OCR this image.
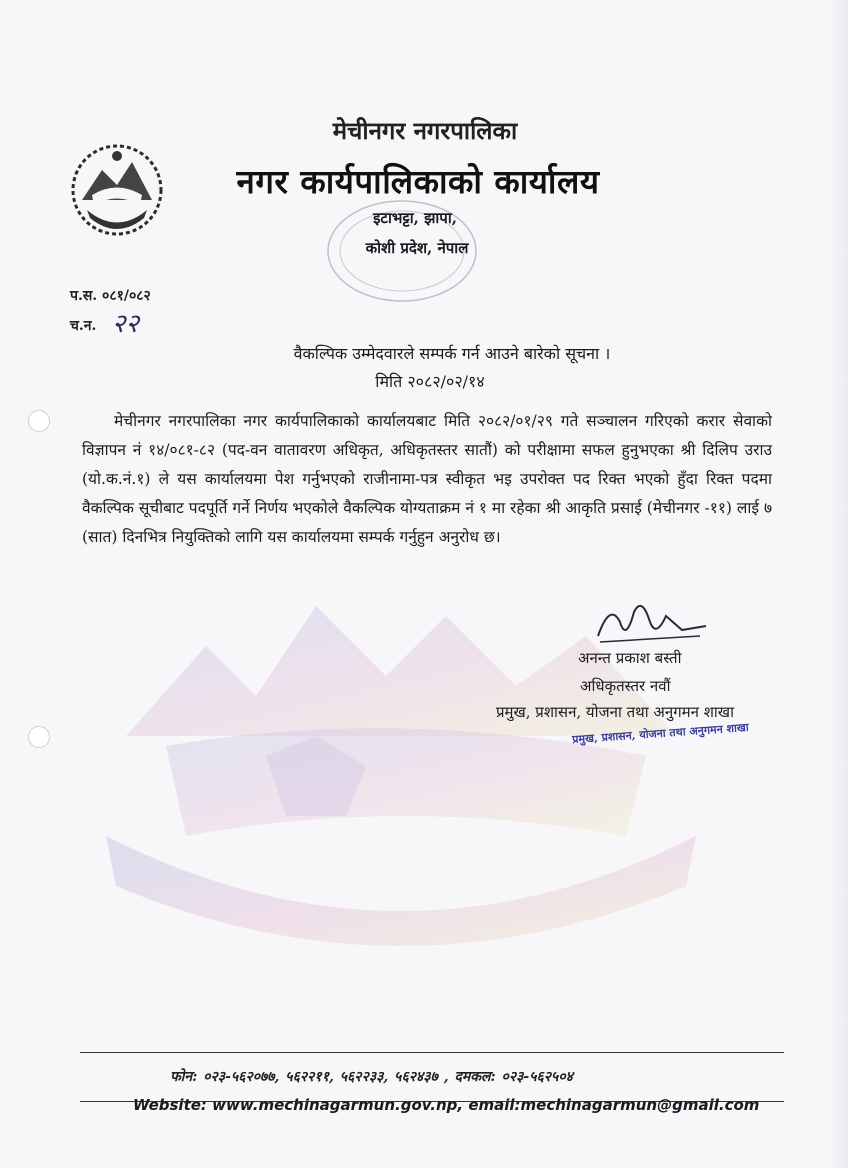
मेचीनगर नगरपालिका
नगर कार्यपालिकाको कार्यालय
इटाभट्टा, झापा,
कोशी प्रदेश, नेपाल
प.स. ०८१/०८२
च.न. २२
वैकल्पिक उम्मेदवारले सम्पर्क गर्न आउने बारेको सूचना ।
मिति २०८२/०२/१४
मेचीनगर नगरपालिका नगर कार्यपालिकाको कार्यालयबाट मिति २०८२/०१/२९ गते सञ्चालन गरिएको करार सेवाको विज्ञापन नं १४/०८१-८२ (पद-वन वातावरण अधिकृत, अधिकृतस्तर सातौं) को परीक्षामा सफल हुनुभएका श्री दिलिप उराउ (यो.क.नं.१) ले यस कार्यालयमा पेश गर्नुभएको राजीनामा-पत्र स्वीकृत भइ उपरोक्त पद रिक्त भएको हुँदा रिक्त पदमा वैकल्पिक सूचीबाट पदपूर्ति गर्ने निर्णय भएकोले वैकल्पिक योग्यताक्रम नं १ मा रहेका श्री आकृति प्रसाई (मेचीनगर -११) लाई ७ (सात) दिनभित्र नियुक्तिको लागि यस कार्यालयमा सम्पर्क गर्नुहुन अनुरोध छ।
अनन्त प्रकाश बस्ती
अधिकृतस्तर नवौं
प्रमुख, प्रशासन, योजना तथा अनुगमन शाखा
प्रमुख, प्रशासन, योजना तथा अनुगमन शाखा
फोन: ०२३-५६२०७७, ५६२२११, ५६२२३३, ५६२४३७ , दमकल: ०२३-५६२५०४
Website: www.mechinagarmun.gov.np, email:mechinagarmun@gmail.com
